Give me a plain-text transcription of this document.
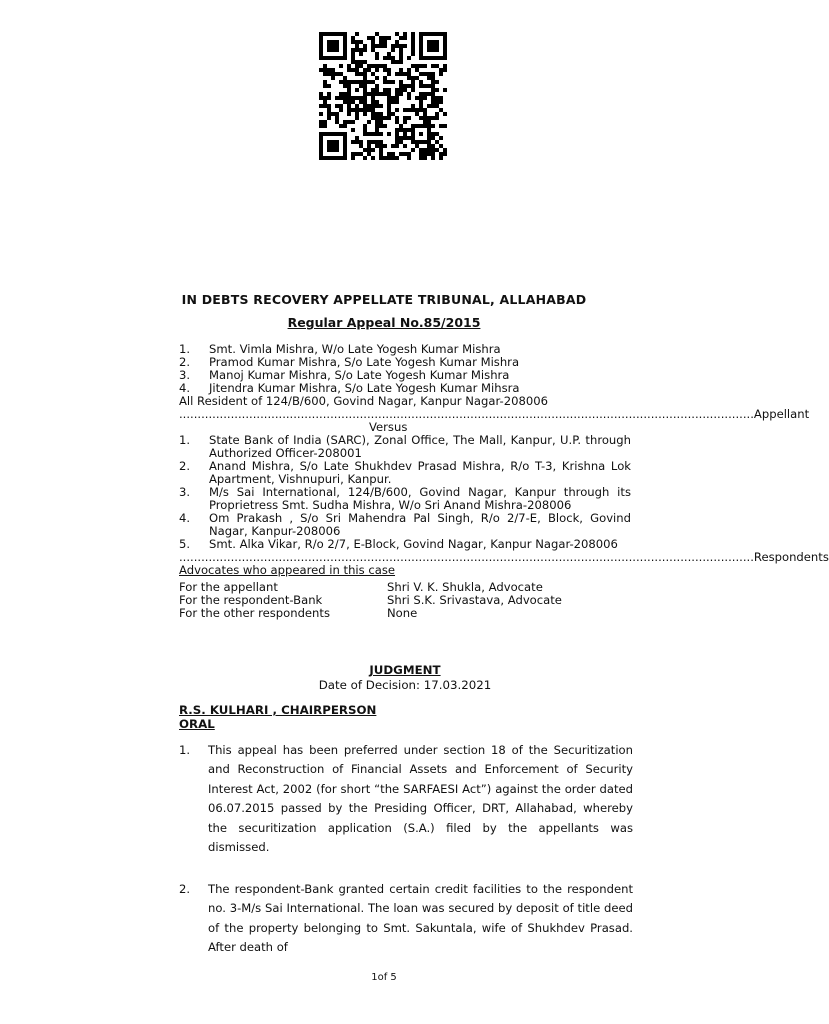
IN DEBTS RECOVERY APPELLATE TRIBUNAL, ALLAHABAD
Regular Appeal No.85/2015
1.	Smt. Vimla Mishra, W/o Late Yogesh Kumar Mishra
2.	Pramod Kumar Mishra, S/o Late Yogesh Kumar Mishra
3.	Manoj Kumar Mishra, S/o Late Yogesh Kumar Mishra
4.	Jitendra Kumar Mishra, S/o Late Yogesh Kumar Mihsra
All Resident of 124/B/600, Govind Nagar, Kanpur Nagar-208006
............................................................................................................................................................ Appellant
Versus
1.	State Bank of India (SARC), Zonal Office, The Mall, Kanpur, U.P. through Authorized Officer-208001
2.	Anand Mishra, S/o Late Shukhdev Prasad Mishra, R/o T-3, Krishna Lok Apartment, Vishnupuri, Kanpur.
3.	M/s Sai International, 124/B/600, Govind Nagar, Kanpur through its Proprietress Smt. Sudha Mishra, W/o Sri Anand Mishra-208006
4.	Om Prakash , S/o Sri Mahendra Pal Singh, R/o 2/7-E, Block, Govind Nagar, Kanpur-208006
5.	Smt. Alka Vikar, R/o 2/7, E-Block, Govind Nagar, Kanpur Nagar-208006
............................................................................................................................................................ Respondents
Advocates who appeared in this case
For the appellant	Shri V. K. Shukla, Advocate
For the respondent-Bank	Shri S.K. Srivastava, Advocate
For the other respondents	None
JUDGMENT
Date of Decision: 17.03.2021
R.S. KULHARI , CHAIRPERSON
ORAL
1.	This appeal has been preferred under section 18 of the Securitization and Reconstruction of Financial Assets and Enforcement of Security Interest Act, 2002 (for short “the SARFAESI Act”) against the order dated 06.07.2015 passed by the Presiding Officer, DRT, Allahabad, whereby the securitization application (S.A.) filed by the appellants was dismissed.
2.	The respondent-Bank granted certain credit facilities to the respondent no. 3-M/s Sai International. The loan was secured by deposit of title deed of the property belonging to Smt. Sakuntala, wife of Shukhdev Prasad. After death of
1of 5
